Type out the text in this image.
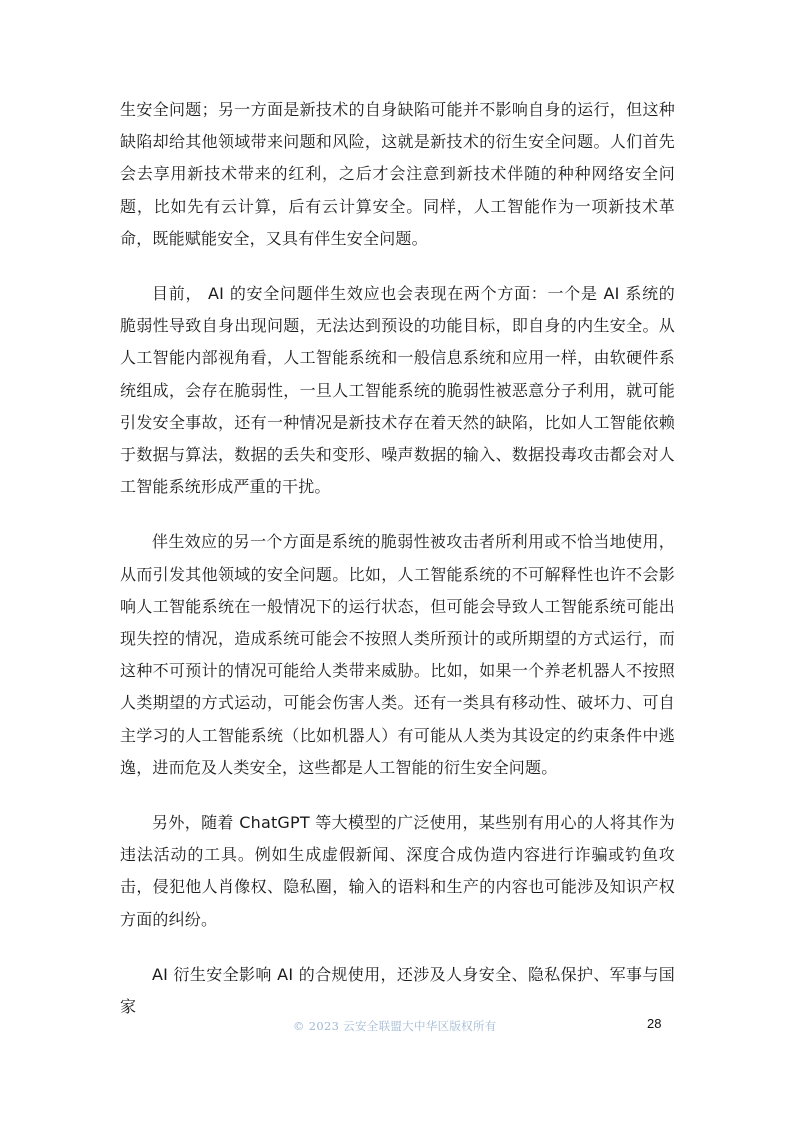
生安全问题；另一方面是新技术的自身缺陷可能并不影响自身的运行，但这种缺陷却给其他领域带来问题和风险，这就是新技术的衍生安全问题。人们首先会去享用新技术带来的红利，之后才会注意到新技术伴随的种种网络安全问题，比如先有云计算，后有云计算安全。同样，人工智能作为一项新技术革命，既能赋能安全，又具有伴生安全问题。

目前， AI 的安全问题伴生效应也会表现在两个方面：一个是 AI 系统的脆弱性导致自身出现问题，无法达到预设的功能目标，即自身的内生安全。从人工智能内部视角看，人工智能系统和一般信息系统和应用一样，由软硬件系统组成，会存在脆弱性，一旦人工智能系统的脆弱性被恶意分子利用，就可能引发安全事故，还有一种情况是新技术存在着天然的缺陷，比如人工智能依赖于数据与算法，数据的丢失和变形、噪声数据的输入、数据投毒攻击都会对人工智能系统形成严重的干扰。

伴生效应的另一个方面是系统的脆弱性被攻击者所利用或不恰当地使用，从而引发其他领域的安全问题。比如，人工智能系统的不可解释性也许不会影响人工智能系统在一般情况下的运行状态，但可能会导致人工智能系统可能出现失控的情况，造成系统可能会不按照人类所预计的或所期望的方式运行，而这种不可预计的情况可能给人类带来威胁。比如，如果一个养老机器人不按照人类期望的方式运动，可能会伤害人类。还有一类具有移动性、破坏力、可自主学习的人工智能系统（比如机器人）有可能从人类为其设定的约束条件中逃逸，进而危及人类安全，这些都是人工智能的衍生安全问题。

另外，随着 ChatGPT 等大模型的广泛使用，某些别有用心的人将其作为违法活动的工具。例如生成虚假新闻、深度合成伪造内容进行诈骗或钓鱼攻击，侵犯他人肖像权、隐私圈，输入的语料和生产的内容也可能涉及知识产权方面的纠纷。

AI 衍生安全影响 AI 的合规使用，还涉及人身安全、隐私保护、军事与国家

© 2023 云安全联盟大中华区版权所有	28
